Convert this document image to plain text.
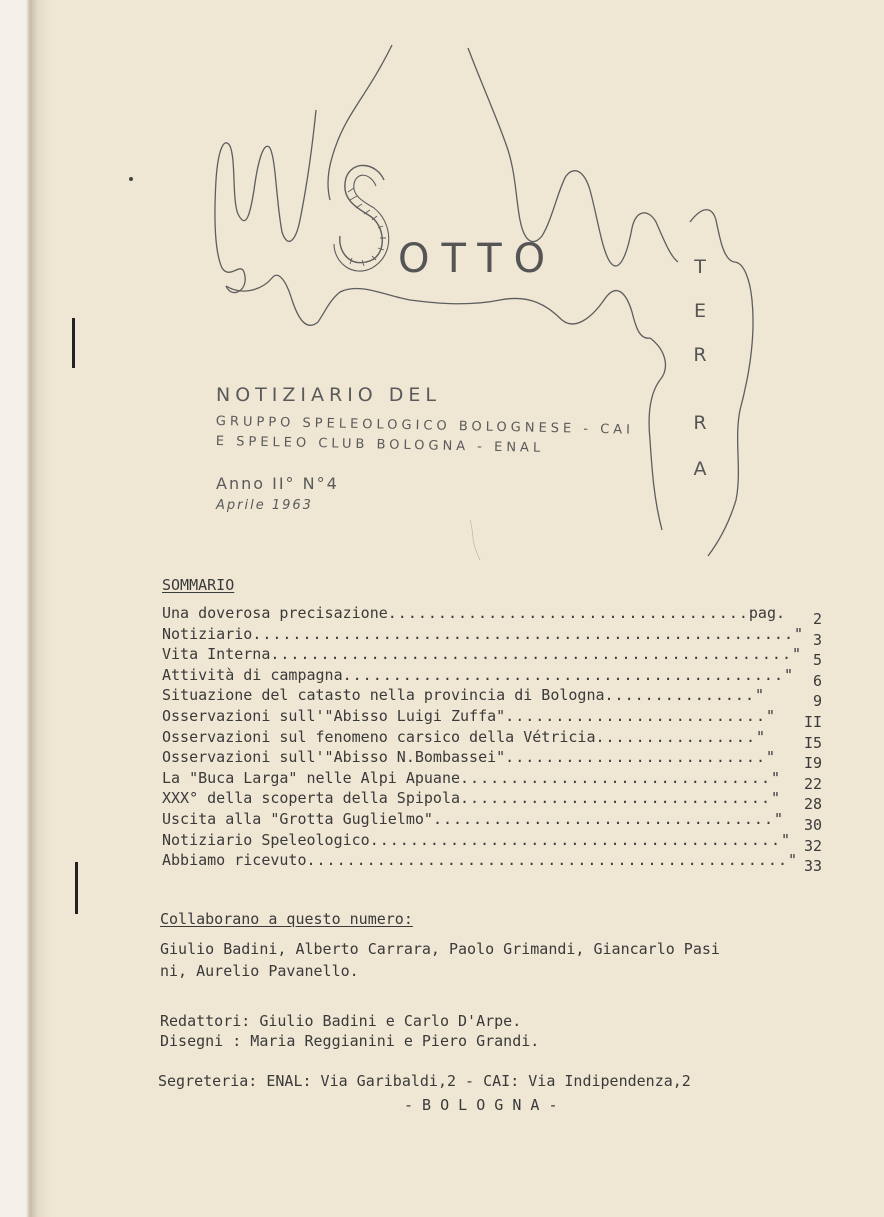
OTTO	T
E
R
R
A
NOTIZIARIO DEL
GRUPPO SPELEOLOGICO BOLOGNESE - CAI
E SPELEO CLUB BOLOGNA - ENAL
Anno II° N°4
Aprile 1963
SOMMARIO
Una doverosa precisazione....................................pag.	2
Notiziario......................................................" 3
Vita Interna...................................................." 5
Attività di campagna............................................"	6
Situazione del catasto nella provincia di Bologna..............."	9
Osservazioni sull'"Abisso Luigi Zuffa".........................."	II
Osservazioni sul fenomeno carsico della Vétricia................"	I5
Osservazioni sull'"Abisso N.Bombassei".........................."	I9
La "Buca Larga" nelle Alpi Apuane..............................."	22
XXX° della scoperta della Spipola..............................."	28
Uscita alla "Grotta Guglielmo".................................."	30
Notiziario Speleologico........................................." 32
Abbiamo ricevuto................................................" 33
Collaborano a questo numero:
Giulio Badini, Alberto Carrara, Paolo Grimandi, Giancarlo Pasi
ni, Aurelio Pavanello.
Redattori: Giulio Badini e Carlo D'Arpe.
Disegni : Maria Reggianini e Piero Grandi.
Segreteria: ENAL: Via Garibaldi,2 - CAI: Via Indipendenza,2
- B O L O G N A -
